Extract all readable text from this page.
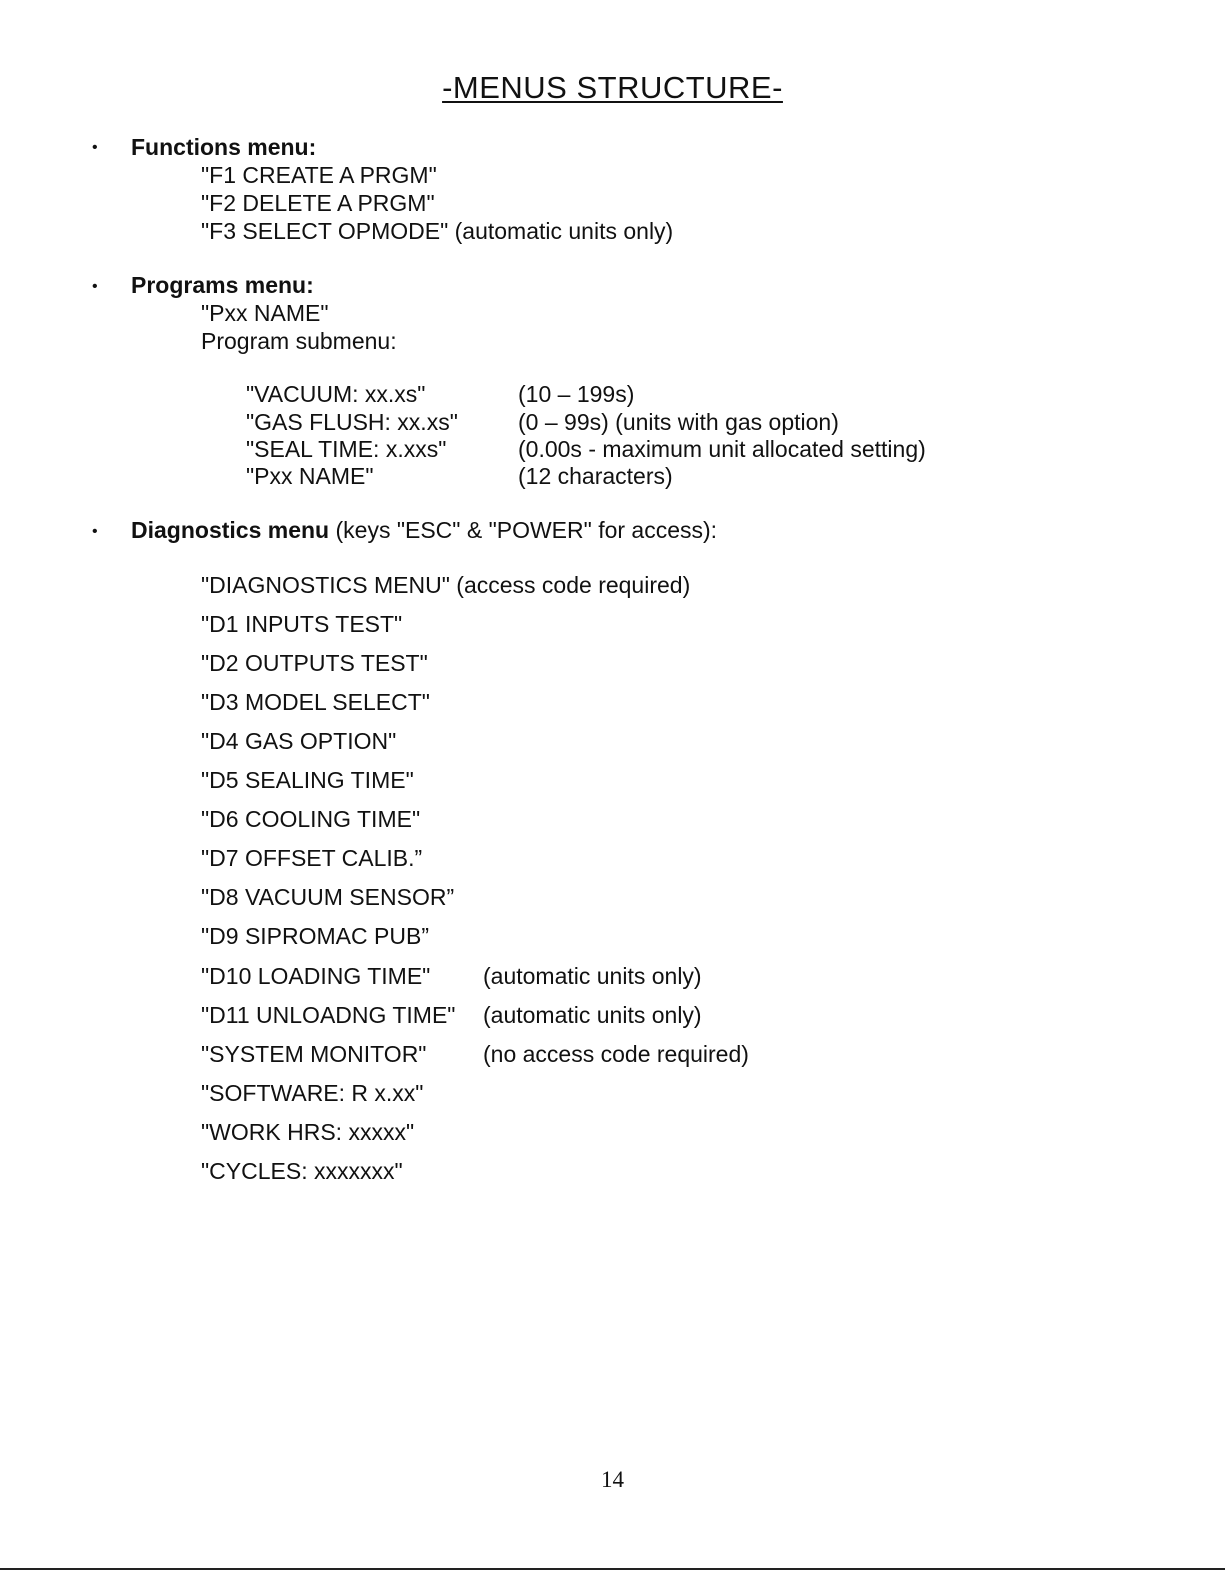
-MENUS STRUCTURE-
• Functions menu:
"F1 CREATE A PRGM"
"F2 DELETE A PRGM"
"F3 SELECT OPMODE" (automatic units only)
• Programs menu:
"Pxx NAME"
Program submenu:
"VACUUM: xx.xs"	(10 – 199s)
"GAS FLUSH: xx.xs"	(0 – 99s) (units with gas option)
"SEAL TIME: x.xxs"	(0.00s - maximum unit allocated setting)
"Pxx NAME"	(12 characters)
• Diagnostics menu (keys "ESC" & "POWER" for access):
"DIAGNOSTICS MENU" (access code required)
"D1 INPUTS TEST"
"D2 OUTPUTS TEST"
"D3 MODEL SELECT"
"D4 GAS OPTION"
"D5 SEALING TIME"
"D6 COOLING TIME"
"D7 OFFSET CALIB.”
"D8 VACUUM SENSOR”
"D9 SIPROMAC PUB”
"D10 LOADING TIME" (automatic units only)
"D11 UNLOADNG TIME" (automatic units only)
"SYSTEM MONITOR" (no access code required)
"SOFTWARE: R x.xx"
"WORK HRS: xxxxx"
"CYCLES: xxxxxxx"
14
